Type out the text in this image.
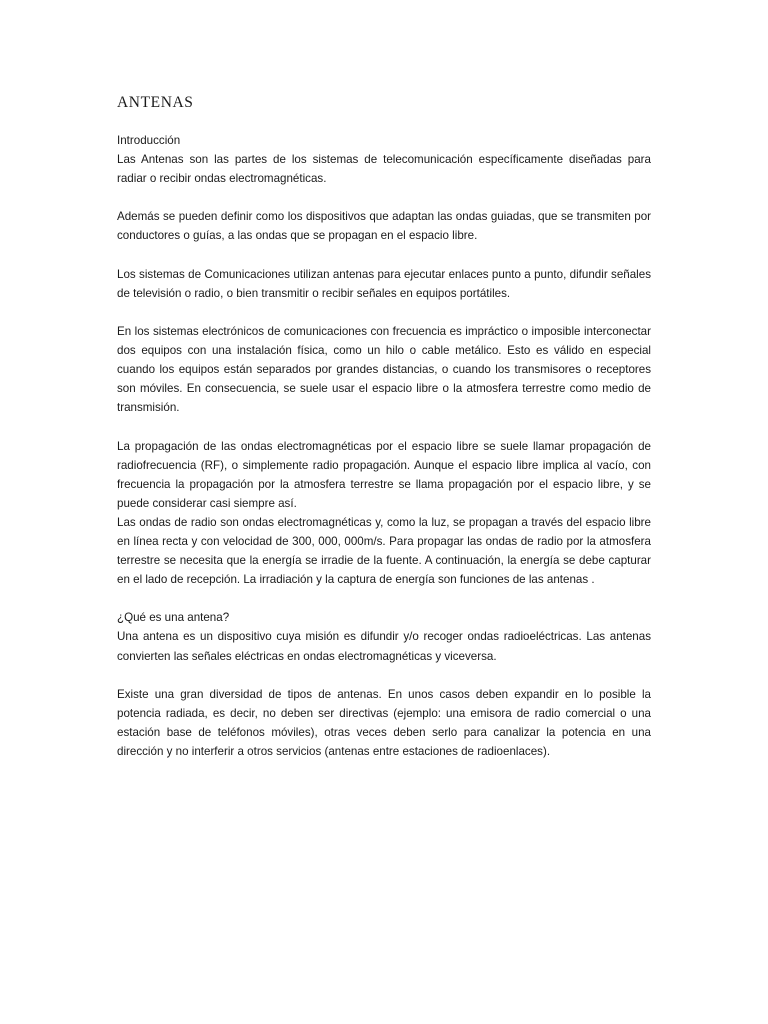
ANTENAS
Introducción

Las Antenas son las partes de los sistemas de telecomunicación específicamente diseñadas para radiar o recibir ondas electromagnéticas.

Además se pueden definir como los dispositivos que adaptan las ondas guiadas, que se transmiten por conductores o guías, a las ondas que se propagan en el espacio libre.

Los sistemas de Comunicaciones utilizan antenas para ejecutar enlaces punto a punto, difundir señales de televisión o radio, o bien transmitir o recibir señales en equipos portátiles.

En los sistemas electrónicos de comunicaciones con frecuencia es impráctico o imposible interconectar dos equipos con una instalación física, como un hilo o cable metálico. Esto es válido en especial cuando los equipos están separados por grandes distancias, o cuando los transmisores o receptores son móviles. En consecuencia, se suele usar el espacio libre o la atmosfera terrestre como medio de transmisión.

La propagación de las ondas electromagnéticas por el espacio libre se suele llamar propagación de radiofrecuencia (RF), o simplemente radio propagación. Aunque el espacio libre implica al vacío, con frecuencia la propagación por la atmosfera terrestre se llama propagación por el espacio libre, y se puede considerar casi siempre así.

Las ondas de radio son ondas electromagnéticas y, como la luz, se propagan a través del espacio libre en línea recta y con velocidad de 300, 000, 000m/s. Para propagar las ondas de radio por la atmosfera terrestre se necesita que la energía se irradie de la fuente. A continuación, la energía se debe capturar en el lado de recepción. La irradiación y la captura de energía son funciones de las antenas .

¿Qué es una antena?

Una antena es un dispositivo cuya misión es difundir y/o recoger ondas radioeléctricas. Las antenas convierten las señales eléctricas en ondas electromagnéticas y viceversa.

Existe una gran diversidad de tipos de antenas. En unos casos deben expandir en lo posible la potencia radiada, es decir, no deben ser directivas (ejemplo: una emisora de radio comercial o una estación base de teléfonos móviles), otras veces deben serlo para canalizar la potencia en una dirección y no interferir a otros servicios (antenas entre estaciones de radioenlaces).
